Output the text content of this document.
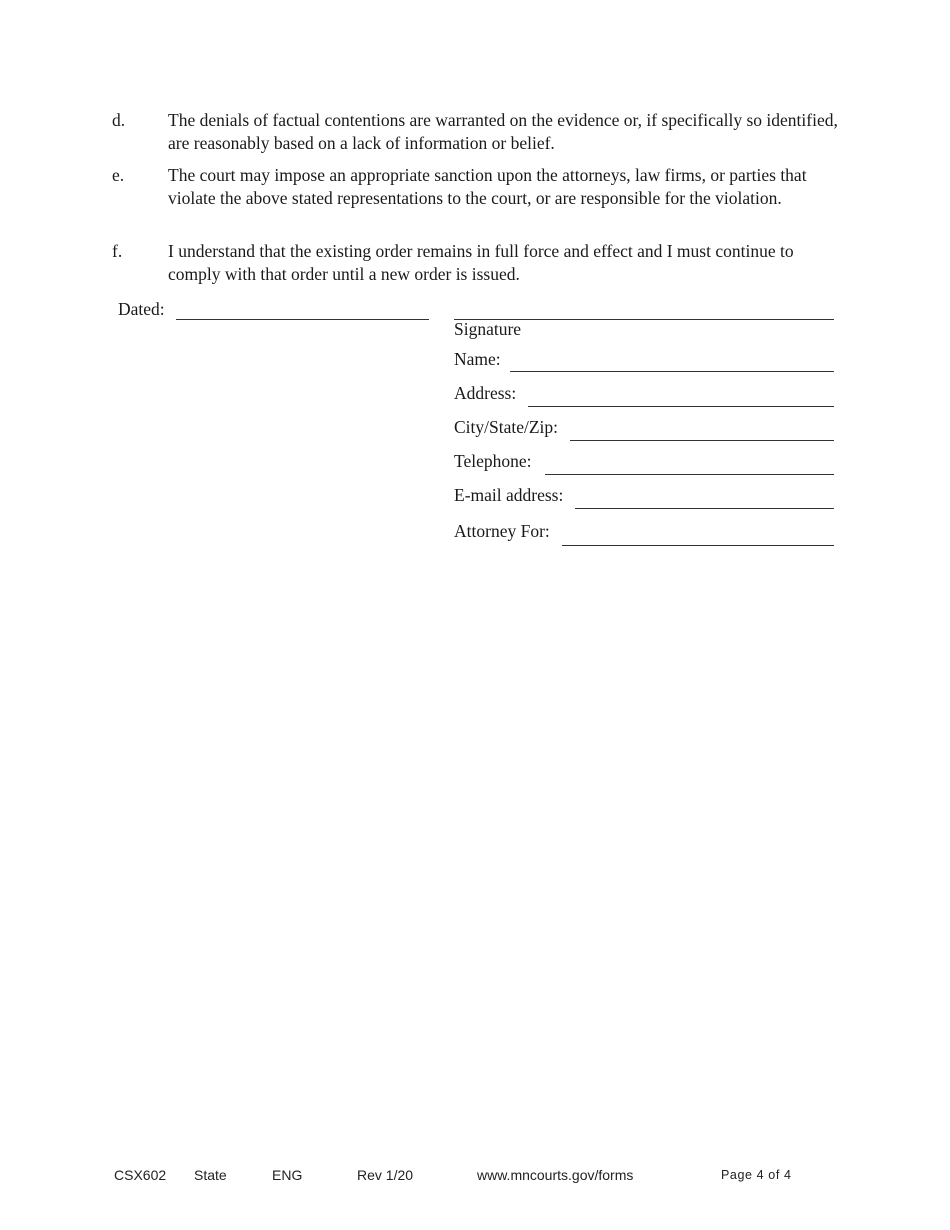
d. The denials of factual contentions are warranted on the evidence or, if specifically so identified, are reasonably based on a lack of information or belief.
e.	The court may impose an appropriate sanction upon the attorneys, law firms, or parties that violate the above stated representations to the court, or are responsible for the violation.
f.	I understand that the existing order remains in full force and effect and I must continue to comply with that order until a new order is issued.
Dated:
Signature
Name:
Address:
City/State/Zip:
Telephone:
E-mail address:
Attorney For:
CSX602 State	ENG	Rev 1/20	www.mncourts.gov/forms	Page 4 of 4
